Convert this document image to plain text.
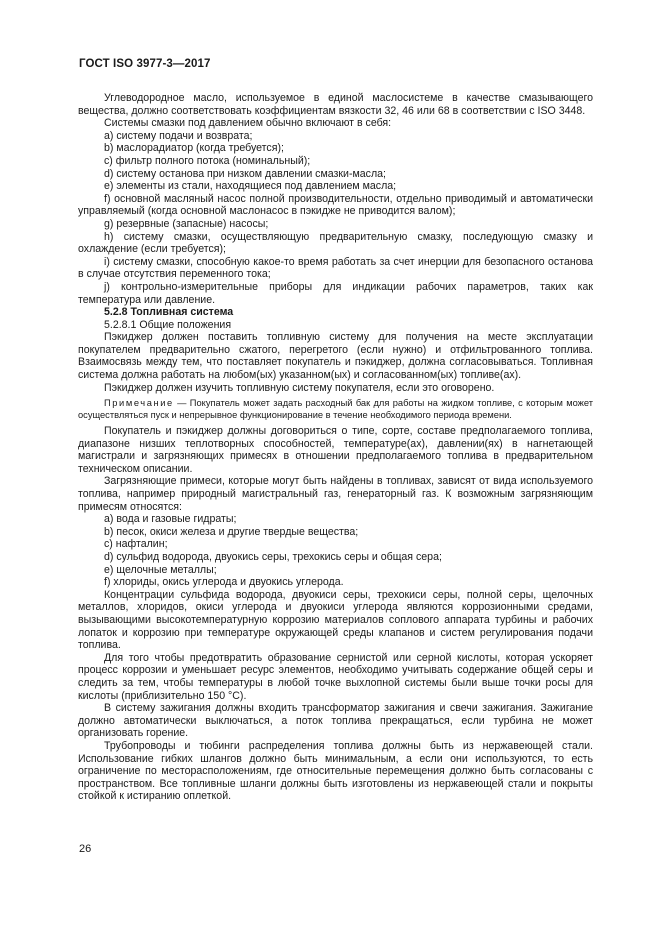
ГОСТ ISO 3977-3—2017

Углеводородное масло, используемое в единой маслосистеме в качестве смазывающего вещества, должно соответствовать коэффициентам вязкости 32, 46 или 68 в соответствии с ISO 3448.

Системы смазки под давлением обычно включают в себя:

a) систему подачи и возврата;

b) маслорадиатор (когда требуется);

c) фильтр полного потока (номинальный);

d) систему останова при низком давлении смазки-масла;

e) элементы из стали, находящиеся под давлением масла;

f) основной масляный насос полной производительности, отдельно приводимый и автоматически управляемый (когда основной маслонасос в пэкидже не приводится валом);

g) резервные (запасные) насосы;

h) систему смазки, осуществляющую предварительную смазку, последующую смазку и охлаждение (если требуется);

i) систему смазки, способную какое-то время работать за счет инерции для безопасного останова в случае отсутствия переменного тока;

j) контрольно-измерительные приборы для индикации рабочих параметров, таких как температура или давление.

5.2.8 Топливная система

5.2.8.1 Общие положения

Пэкиджер должен поставить топливную систему для получения на месте эксплуатации покупателем предварительно сжатого, перегретого (если нужно) и отфильтрованного топлива. Взаимосвязь между тем, что поставляет покупатель и пэкиджер, должна согласовываться. Топливная система должна работать на любом(ых) указанном(ых) и согласованном(ых) топливе(ах).

Пэкиджер должен изучить топливную систему покупателя, если это оговорено.

Примечание — Покупатель может задать расходный бак для работы на жидком топливе, с которым может осуществляться пуск и непрерывное функционирование в течение необходимого периода времени.

Покупатель и пэкиджер должны договориться о типе, сорте, составе предполагаемого топлива, диапазоне низших теплотворных способностей, температуре(ах), давлении(ях) в нагнетающей магистрали и загрязняющих примесях в отношении предполагаемого топлива в предварительном техническом описании.

Загрязняющие примеси, которые могут быть найдены в топливах, зависят от вида используемого топлива, например природный магистральный газ, генераторный газ. К возможным загрязняющим примесям относятся:

a) вода и газовые гидраты;

b) песок, окиси железа и другие твердые вещества;

c) нафталин;

d) сульфид водорода, двуокись серы, трехокись серы и общая сера;

e) щелочные металлы;

f) хлориды, окись углерода и двуокись углерода.

Концентрации сульфида водорода, двуокиси серы, трехокиси серы, полной серы, щелочных металлов, хлоридов, окиси углерода и двуокиси углерода являются коррозионными средами, вызывающими высокотемпературную коррозию материалов соплового аппарата турбины и рабочих лопаток и коррозию при температуре окружающей среды клапанов и систем регулирования подачи топлива.

Для того чтобы предотвратить образование сернистой или серной кислоты, которая ускоряет процесс коррозии и уменьшает ресурс элементов, необходимо учитывать содержание общей серы и следить за тем, чтобы температуры в любой точке выхлопной системы были выше точки росы для кислоты (приблизительно 150 °C).

В систему зажигания должны входить трансформатор зажигания и свечи зажигания. Зажигание должно автоматически выключаться, а поток топлива прекращаться, если турбина не может организовать горение.

Трубопроводы и тюбинги распределения топлива должны быть из нержавеющей стали. Использование гибких шлангов должно быть минимальным, а если они используются, то есть ограничение по месторасположениям, где относительные перемещения должно быть согласованы с пространством. Все топливные шланги должны быть изготовлены из нержавеющей стали и покрыты стойкой к истиранию оплеткой.

26
